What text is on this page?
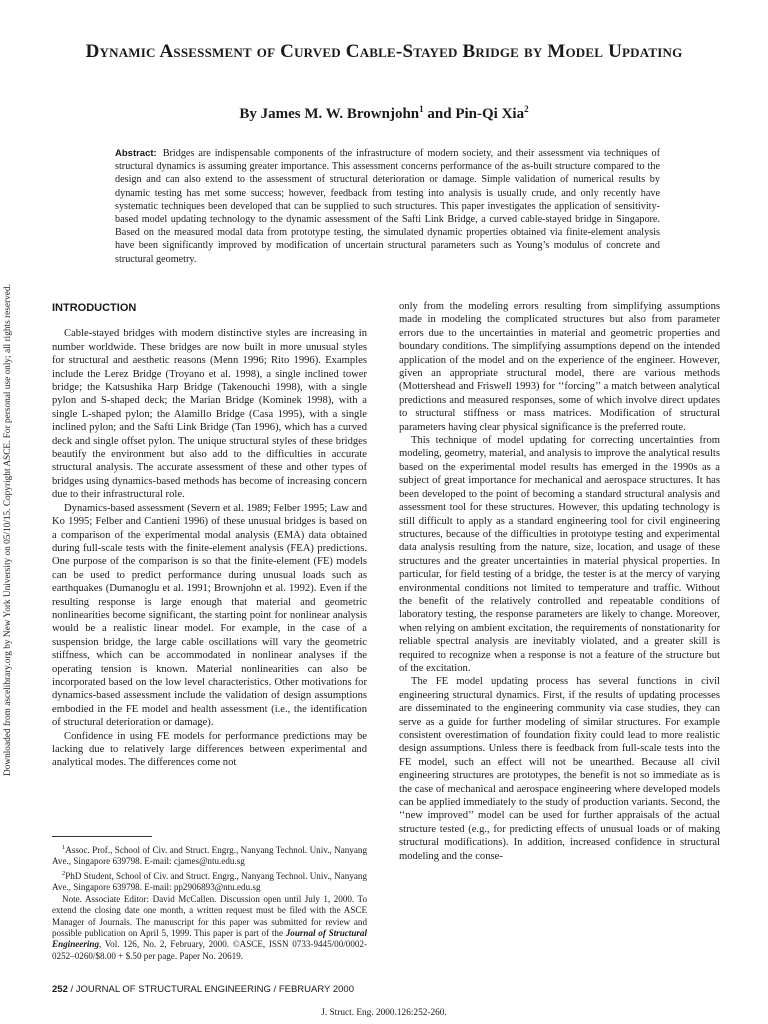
Downloaded from ascelibrary.org by New York University on 05/10/15. Copyright ASCE. For personal use only; all rights reserved.
Dynamic Assessment of Curved Cable-Stayed Bridge by Model Updating

By James M. W. Brownjohn$^1$ and Pin-Qi Xia$^2$

Abstract: Bridges are indispensable components of the infrastructure of modern society, and their assessment via techniques of structural dynamics is assuming greater importance. This assessment concerns performance of the as-built structure compared to the design and can also extend to the assessment of structural deterioration or damage. Simple validation of numerical results by dynamic testing has met some success; however, feedback from testing into analysis is usually crude, and only recently have systematic techniques been developed that can be supplied to such structures. This paper investigates the application of sensitivity-based model updating technology to the dynamic assessment of the Safti Link Bridge, a curved cable-stayed bridge in Singapore. Based on the measured modal data from prototype testing, the simulated dynamic properties obtained via finite-element analysis have been significantly improved by modification of uncertain structural parameters such as Young’s modulus of concrete and structural geometry.

INTRODUCTION

Cable-stayed bridges with modern distinctive styles are increasing in number worldwide. These bridges are now built in more unusual styles for structural and aesthetic reasons (Menn 1996; Rito 1996). Examples include the Lerez Bridge (Troyano et al. 1998), a single inclined tower bridge; the Katsushika Harp Bridge (Takenouchi 1998), with a single pylon and S-shaped deck; the Marian Bridge (Kominek 1998), with a single L-shaped pylon; the Alamillo Bridge (Casa 1995), with a single inclined pylon; and the Safti Link Bridge (Tan 1996), which has a curved deck and single offset pylon. The unique structural styles of these bridges beautify the environment but also add to the difficulties in accurate structural analysis. The accurate assessment of these and other types of bridges using dynamics-based methods has become of increasing concern due to their infrastructural role.

Dynamics-based assessment (Severn et al. 1989; Felber 1995; Law and Ko 1995; Felber and Cantieni 1996) of these unusual bridges is based on a comparison of the experimental modal analysis (EMA) data obtained during full-scale tests with the finite-element analysis (FEA) predictions. One purpose of the comparison is so that the finite-element (FE) models can be used to predict performance during unusual loads such as earthquakes (Dumanoglu et al. 1991; Brownjohn et al. 1992). Even if the resulting response is large enough that material and geometric nonlinearities become significant, the starting point for nonlinear analysis would be a realistic linear model. For example, in the case of a suspension bridge, the large cable oscillations will vary the geometric stiffness, which can be accommodated in nonlinear analyses if the operating tension is known. Material nonlinearities can also be incorporated based on the low level characteristics. Other motivations for dynamics-based assessment include the validation of design assumptions embodied in the FE model and health assessment (i.e., the identification of structural deterioration or damage).

Confidence in using FE models for performance predictions may be lacking due to relatively large differences between experimental and analytical modes. The differences come not

only from the modeling errors resulting from simplifying assumptions made in modeling the complicated structures but also from parameter errors due to the uncertainties in material and geometric properties and boundary conditions. The simplifying assumptions depend on the intended application of the model and on the experience of the engineer. However, given an appropriate structural model, there are various methods (Mottershead and Friswell 1993) for ‘‘forcing’’ a match between analytical predictions and measured responses, some of which involve direct updates to structural stiffness or mass matrices. Modification of structural parameters having clear physical significance is the preferred route.

This technique of model updating for correcting uncertainties from modeling, geometry, material, and analysis to improve the analytical results based on the experimental model results has emerged in the 1990s as a subject of great importance for mechanical and aerospace structures. It has been developed to the point of becoming a standard structural analysis and assessment tool for these structures. However, this updating technology is still difficult to apply as a standard engineering tool for civil engineering structures, because of the difficulties in prototype testing and experimental data analysis resulting from the nature, size, location, and usage of these structures and the greater uncertainties in material physical properties. In particular, for field testing of a bridge, the tester is at the mercy of varying environmental conditions not limited to temperature and traffic. Without the benefit of the relatively controlled and repeatable conditions of laboratory testing, the response parameters are likely to change. Moreover, when relying on ambient excitation, the requirements of nonstationarity for reliable spectral analysis are inevitably violated, and a greater skill is required to recognize when a response is not a feature of the structure but of the excitation.

The FE model updating process has several functions in civil engineering structural dynamics. First, if the results of updating processes are disseminated to the engineering community via case studies, they can serve as a guide for further modeling of similar structures. For example consistent overestimation of foundation fixity could lead to more realistic design assumptions. Unless there is feedback from full-scale tests into the FE model, such an effect will not be unearthed. Because all civil engineering structures are prototypes, the benefit is not so immediate as is the case of mechanical and aerospace engineering where developed models can be applied immediately to the study of production variants. Second, the ‘‘new improved’’ model can be used for further appraisals of the actual structure tested (e.g., for predicting effects of unusual loads or of making structural modifications). In addition, increased confidence in structural modeling and the conse-

$^1$Assoc. Prof., School of Civ. and Struct. Engrg., Nanyang Technol. Univ., Nanyang Ave., Singapore 639798. E-mail: cjames@ntu.edu.sg

$^2$PhD Student, School of Civ. and Struct. Engrg., Nanyang Technol. Univ., Nanyang Ave., Singapore 639798. E-mail: pp2906893@ntu.edu.sg

Note. Associate Editor: David McCallen. Discussion open until July 1, 2000. To extend the closing date one month, a written request must be filed with the ASCE Manager of Journals. The manuscript for this paper was submitted for review and possible publication on April 5, 1999. This paper is part of the Journal of Structural Engineering, Vol. 126, No. 2, February, 2000. ©ASCE, ISSN 0733-9445/00/0002-0252–0260/$8.00 + $.50 per page. Paper No. 20619.

252 / JOURNAL OF STRUCTURAL ENGINEERING / FEBRUARY 2000
J. Struct. Eng. 2000.126:252-260.
